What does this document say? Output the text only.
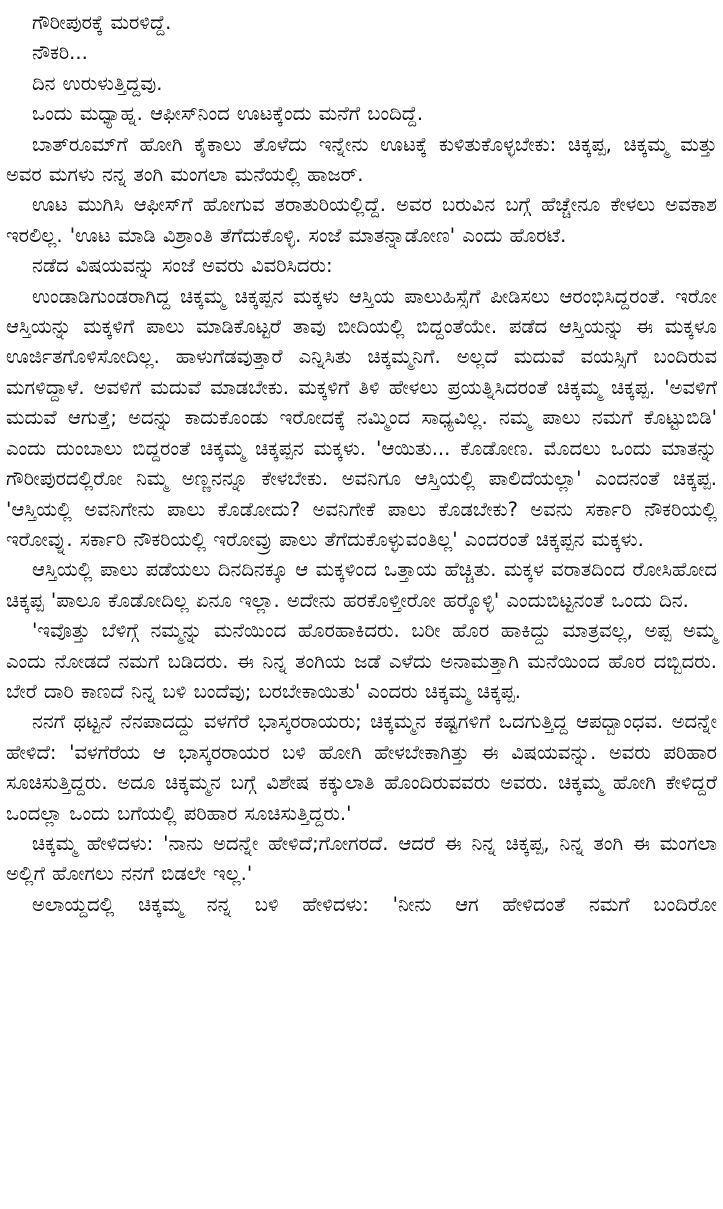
ಗೌರೀಪುರಕ್ಕೆ ಮರಳಿದ್ದೆ.

ನೌಕರಿ...

ದಿನ ಉರುಳುತ್ತಿದ್ದವು.

ಒಂದು ಮಧ್ಯಾಹ್ನ. ಆಫೀಸ್‌ನಿಂದ ಊಟಕ್ಕೆಂದು ಮನೆಗೆ ಬಂದಿದ್ದೆ.

ಬಾತ್‌ರೂಮ್‌ಗೆ ಹೋಗಿ ಕೈಕಾಲು ತೊಳೆದು ಇನ್ನೇನು ಊಟಕ್ಕೆ ಕುಳಿತುಕೊಳ್ಳಬೇಕು: ಚಿಕ್ಕಪ್ಪ, ಚಿಕ್ಕಮ್ಮ ಮತ್ತು ಅವರ ಮಗಳು ನನ್ನ ತಂಗಿ ಮಂಗಲಾ ಮನೆಯಲ್ಲಿ ಹಾಜರ್.

ಊಟ ಮುಗಿಸಿ ಆಫೀಸ್‌ಗೆ ಹೋಗುವ ತರಾತುರಿಯಲ್ಲಿದ್ದೆ. ಅವರ ಬರುವಿನ ಬಗ್ಗೆ ಹೆಚ್ಚೇನೂ ಕೇಳಲು ಅವಕಾಶ ಇರಲಿಲ್ಲ. 'ಊಟ ಮಾಡಿ ವಿಶ್ರಾಂತಿ ತೆಗೆದುಕೊಳ್ಳಿ. ಸಂಜೆ ಮಾತನ್ನಾಡೋಣ' ಎಂದು ಹೊರಟೆ.

ನಡೆದ ವಿಷಯವನ್ನು ಸಂಜೆ ಅವರು ವಿವರಿಸಿದರು:

ಉಂಡಾಡಿಗುಂಡರಾಗಿದ್ದ ಚಿಕ್ಕಮ್ಮ ಚಿಕ್ಕಪ್ಪನ ಮಕ್ಕಳು ಆಸ್ತಿಯ ಪಾಲುಹಿಸ್ಸೆಗೆ ಪೀಡಿಸಲು ಆರಂಭಿಸಿದ್ದರಂತೆ. ಇರೋ ಆಸ್ತಿಯನ್ನು ಮಕ್ಕಳಿಗೆ ಪಾಲು ಮಾಡಿಕೊಟ್ಟರೆ ತಾವು ಬೀದಿಯಲ್ಲಿ ಬಿದ್ದಂತೆಯೇ. ಪಡೆದ ಆಸ್ತಿಯನ್ನು ಈ ಮಕ್ಕಳೂ ಊರ್ಜಿತಗೊಳಿಸೋದಿಲ್ಲ. ಹಾಳುಗೆಡವುತ್ತಾರೆ ಎನ್ನಿಸಿತು ಚಿಕ್ಕಮ್ಮನಿಗೆ. ಅಲ್ಲದೆ ಮದುವೆ ವಯಸ್ಸಿಗೆ ಬಂದಿರುವ ಮಗಳಿದ್ದಾಳೆ. ಅವಳಿಗೆ ಮದುವೆ ಮಾಡಬೇಕು. ಮಕ್ಕಳಿಗೆ ತಿಳಿ ಹೇಳಲು ಪ್ರಯತ್ನಿಸಿದರಂತೆ ಚಿಕ್ಕಮ್ಮ ಚಿಕ್ಕಪ್ಪ. 'ಅವಳಿಗೆ ಮದುವೆ ಆಗುತ್ತೆ; ಅದನ್ನು ಕಾದುಕೊಂಡು ಇರೋದಕ್ಕೆ ನಮ್ಮಿಂದ ಸಾಧ್ಯವಿಲ್ಲ. ನಮ್ಮ ಪಾಲು ನಮಗೆ ಕೊಟ್ಟುಬಿಡಿ' ಎಂದು ದುಂಬಾಲು ಬಿದ್ದರಂತೆ ಚಿಕ್ಕಮ್ಮ ಚಿಕ್ಕಪ್ಪನ ಮಕ್ಕಳು. 'ಆಯಿತು... ಕೊಡೋಣ. ಮೊದಲು ಒಂದು ಮಾತನ್ನು ಗೌರೀಪುರದಲ್ಲಿರೋ ನಿಮ್ಮ ಅಣ್ಣನನ್ನೂ ಕೇಳಬೇಕು. ಅವನಿಗೂ ಆಸ್ತಿಯಲ್ಲಿ ಪಾಲಿದೆಯಲ್ಲಾ' ಎಂದನಂತೆ ಚಿಕ್ಕಪ್ಪ. 'ಆಸ್ತಿಯಲ್ಲಿ ಅವನಿಗೇನು ಪಾಲು ಕೊಡೋದು? ಅವನಿಗೇಕೆ ಪಾಲು ಕೊಡಬೇಕು? ಅವನು ಸರ್ಕಾರಿ ನೌಕರಿಯಲ್ಲಿ ಇರೋವ್ನು. ಸರ್ಕಾರಿ ನೌಕರಿಯಲ್ಲಿ ಇರೋವ್ರು ಪಾಲು ತೆಗೆದುಕೊಳ್ಳುವಂತಿಲ್ಲ' ಎಂದರಂತೆ ಚಿಕ್ಕಪ್ಪನ ಮಕ್ಕಳು.

ಆಸ್ತಿಯಲ್ಲಿ ಪಾಲು ಪಡೆಯಲು ದಿನದಿನಕ್ಕೂ ಆ ಮಕ್ಕಳಿಂದ ಒತ್ತಾಯ ಹೆಚ್ಚಿತು. ಮಕ್ಕಳ ವರಾತದಿಂದ ರೋಸಿಹೋದ ಚಿಕ್ಕಪ್ಪ 'ಪಾಲೂ ಕೊಡೋದಿಲ್ಲ ಏನೂ ಇಲ್ಲಾ. ಅದೇನು ಹರಕೊಳ್ತೀರೋ ಹರ್‍ಕೊಳ್ಳಿ' ಎಂದುಬಿಟ್ಟನಂತೆ ಒಂದು ದಿನ.

'ಇವೊತ್ತು ಬೆಳಿಗ್ಗೆ ನಮ್ಮನ್ನು ಮನೆಯಿಂದ ಹೊರಹಾಕಿದರು. ಬರೀ ಹೊರ ಹಾಕಿದ್ದು ಮಾತ್ರವಲ್ಲ, ಅಪ್ಪ ಅಮ್ಮ ಎಂದು ನೋಡದೆ ನಮಗೆ ಬಡಿದರು. ಈ ನಿನ್ನ ತಂಗಿಯ ಜಡೆ ಎಳೆದು ಅನಾಮತ್ತಾಗಿ ಮನೆಯಿಂದ ಹೊರ ದಬ್ಬಿದರು. ಬೇರೆ ದಾರಿ ಕಾಣದೆ ನಿನ್ನ ಬಳಿ ಬಂದೆವು; ಬರಬೇಕಾಯಿತು' ಎಂದರು ಚಿಕ್ಕಮ್ಮ ಚಿಕ್ಕಪ್ಪ.

ನನಗೆ ಥಟ್ಟನೆ ನೆನಪಾದದ್ದು ವಳಗೆರೆ ಭಾಸ್ಕರರಾಯರು; ಚಿಕ್ಕಮ್ಮನ ಕಷ್ಟಗಳಿಗೆ ಒದಗುತ್ತಿದ್ದ ಆಪದ್ಬಾಂಧವ. ಅದನ್ನೇ ಹೇಳಿದೆ: 'ವಳಗೆರೆಯ ಆ ಭಾಸ್ಕರರಾಯರ ಬಳಿ ಹೋಗಿ ಹೇಳಬೇಕಾಗಿತ್ತು ಈ ವಿಷಯವನ್ನು. ಅವರು ಪರಿಹಾರ ಸೂಚಿಸುತ್ತಿದ್ದರು. ಅದೂ ಚಿಕ್ಕಮ್ಮನ ಬಗ್ಗೆ ವಿಶೇಷ ಕಕ್ಕುಲಾತಿ ಹೊಂದಿರುವವರು ಅವರು. ಚಿಕ್ಕಮ್ಮ ಹೋಗಿ ಕೇಳಿದ್ದರೆ ಒಂದಲ್ಲಾ ಒಂದು ಬಗೆಯಲ್ಲಿ ಪರಿಹಾರ ಸೂಚಿಸುತ್ತಿದ್ದರು.'

ಚಿಕ್ಕಮ್ಮ ಹೇಳಿದಳು: 'ನಾನು ಅದನ್ನೇ ಹೇಳಿದೆ;ಗೋಗರದೆ. ಆದರೆ ಈ ನಿನ್ನ ಚಿಕ್ಕಪ್ಪ, ನಿನ್ನ ತಂಗಿ ಈ ಮಂಗಲಾ ಅಲ್ಲಿಗೆ ಹೋಗಲು ನನಗೆ ಬಿಡಲೇ ಇಲ್ಲ.'

ಅಲಾಯ್ದದಲ್ಲಿ ಚಿಕ್ಕಮ್ಮ ನನ್ನ ಬಳಿ ಹೇಳಿದಳು: 'ನೀನು ಆಗ ಹೇಳಿದಂತೆ ನಮಗೆ ಬಂದಿರೋ
